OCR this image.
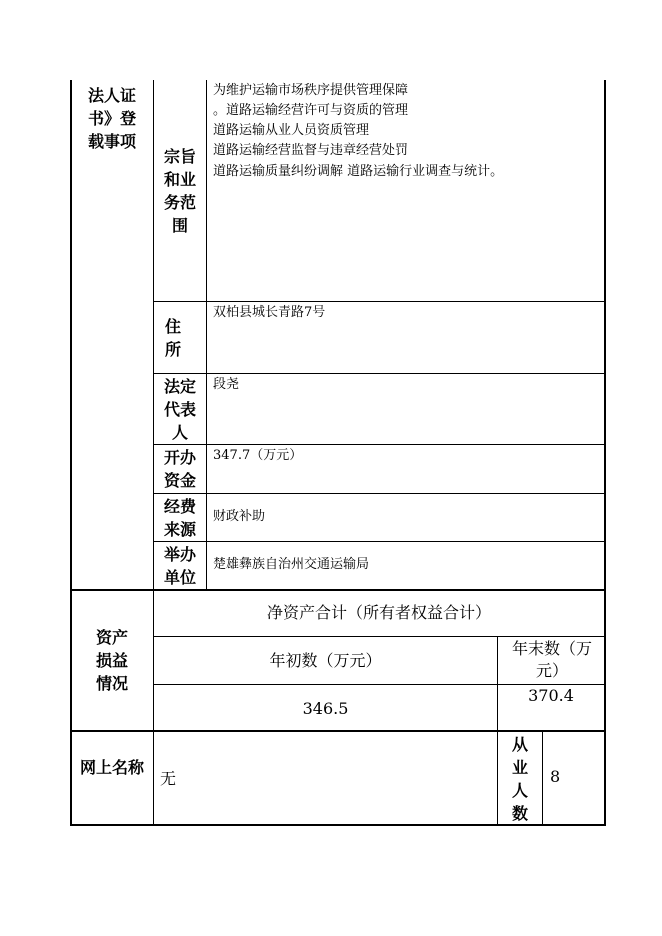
法人证书》登载事项
资产损益情况
网上名称
宗旨和业务范围
为维护运输市场秩序提供管理保障
。道路运输经营许可与资质的管理
道路运输从业人员资质管理
道路运输经营监督与违章经营处罚
道路运输质量纠纷调解 道路运输行业调查与统计。
住所
双柏县城长青路7号
法定代表人
段尧
开办资金
347.7（万元）
经费来源
财政补助
举办单位
楚雄彝族自治州交通运输局
净资产合计（所有者权益合计）
年初数（万元）
年末数（万元）
346.5
370.4
无
从业人数
8
